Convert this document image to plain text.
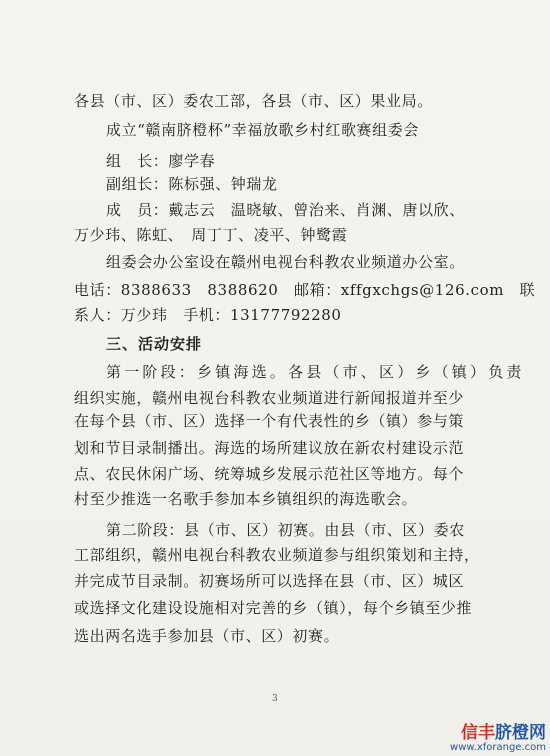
各县（市、区）委农工部，各县（市、区）果业局。
成立“赣南脐橙杯”幸福放歌乡村红歌赛组委会
组　长：廖学春
副组长：陈标强、钟瑞龙
成　员：戴志云　温晓敏、曾治来、肖渊、唐以欣、
万少玮、陈虹、　周丁丁、凌平、钟鹭霞
组委会办公室设在赣州电视台科教农业频道办公室。
电话：8388633　8388620　邮箱：xffgxchgs@126.com　联
系人：万少玮　手机：13177792280
三、活动安排
第一阶段：乡镇海选。各县（市、区）乡（镇）负责
组织实施，赣州电视台科教农业频道进行新闻报道并至少
在每个县（市、区）选择一个有代表性的乡（镇）参与策
划和节目录制播出。海选的场所建议放在新农村建设示范
点、农民休闲广场、统筹城乡发展示范社区等地方。每个
村至少推选一名歌手参加本乡镇组织的海选歌会。
第二阶段：县（市、区）初赛。由县（市、区）委农
工部组织，赣州电视台科教农业频道参与组织策划和主持，
并完成节目录制。初赛场所可以选择在县（市、区）城区
或选择文化建设设施相对完善的乡（镇），每个乡镇至少推
选出两名选手参加县（市、区）初赛。
3
信丰脐橙网
www.xforange.com
